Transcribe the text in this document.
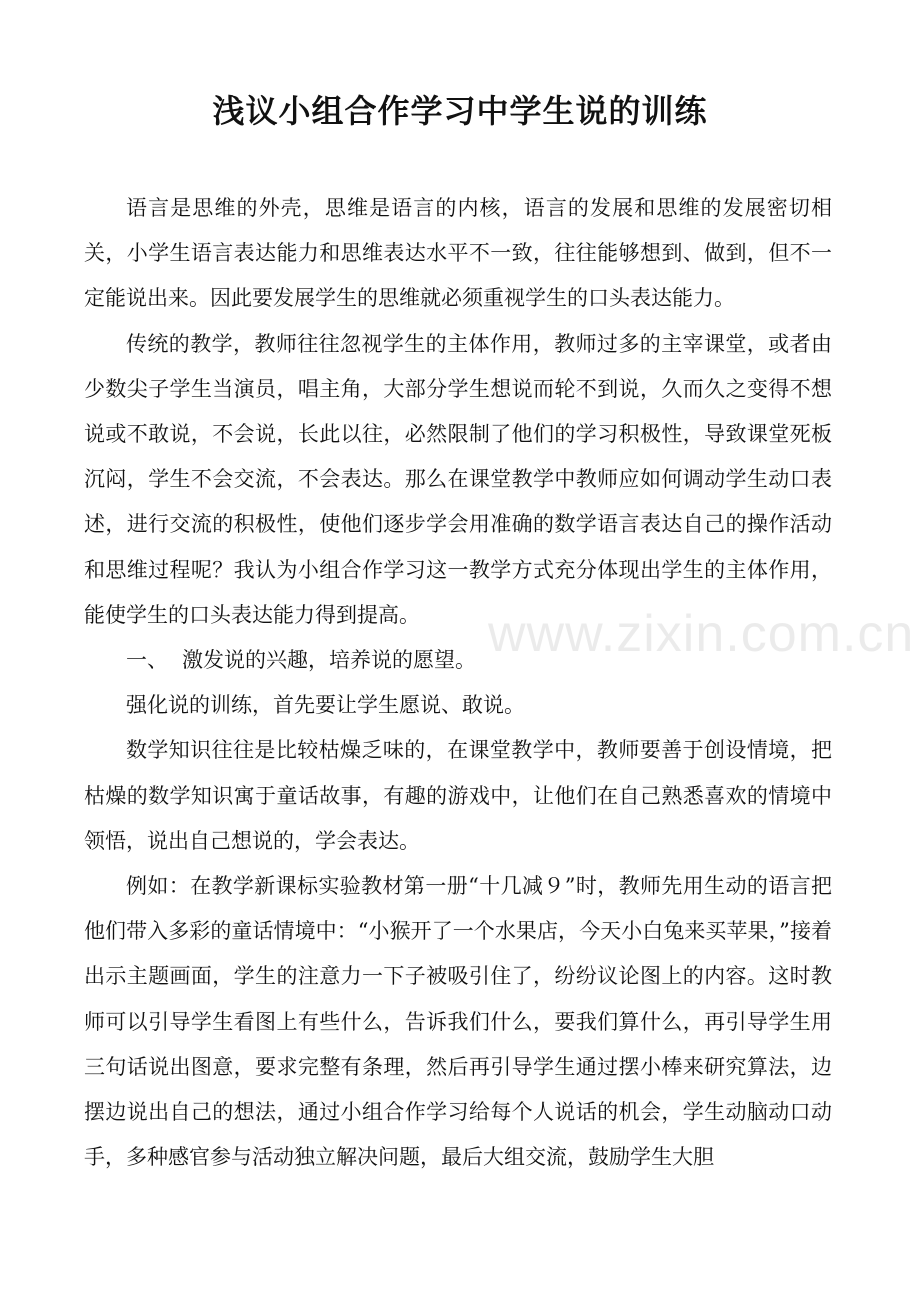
浅议小组合作学习中学生说的训练

语言是思维的外壳，思维是语言的内核，语言的发展和思维的发展密切相关，小学生语言表达能力和思维表达水平不一致，往往能够想到、做到，但不一定能说出来。因此要发展学生的思维就必须重视学生的口头表达能力。

传统的教学，教师往往忽视学生的主体作用，教师过多的主宰课堂，或者由少数尖子学生当演员，唱主角，大部分学生想说而轮不到说，久而久之变得不想说或不敢说，不会说，长此以往，必然限制了他们的学习积极性，导致课堂死板沉闷，学生不会交流，不会表达。那么在课堂教学中教师应如何调动学生动口表述，进行交流的积极性，使他们逐步学会用准确的数学语言表达自己的操作活动和思维过程呢？我认为小组合作学习这一教学方式充分体现出学生的主体作用，能使学生的口头表达能力得到提高。

一、 激发说的兴趣，培养说的愿望。

强化说的训练，首先要让学生愿说、敢说。

数学知识往往是比较枯燥乏味的，在课堂教学中，教师要善于创设情境，把枯燥的数学知识寓于童话故事，有趣的游戏中，让他们在自己熟悉喜欢的情境中领悟，说出自己想说的，学会表达。

例如：在教学新课标实验教材第一册“十几减９”时，教师先用生动的语言把他们带入多彩的童话情境中：“小猴开了一个水果店，今天小白兔来买苹果，”接着出示主题画面，学生的注意力一下子被吸引住了，纷纷议论图上的内容。这时教师可以引导学生看图上有些什么，告诉我们什么，要我们算什么，再引导学生用三句话说出图意，要求完整有条理，然后再引导学生通过摆小棒来研究算法，边摆边说出自己的想法，通过小组合作学习给每个人说话的机会，学生动脑动口动手，多种感官参与活动独立解决问题，最后大组交流，鼓励学生大胆

www.zixin.com.cn
